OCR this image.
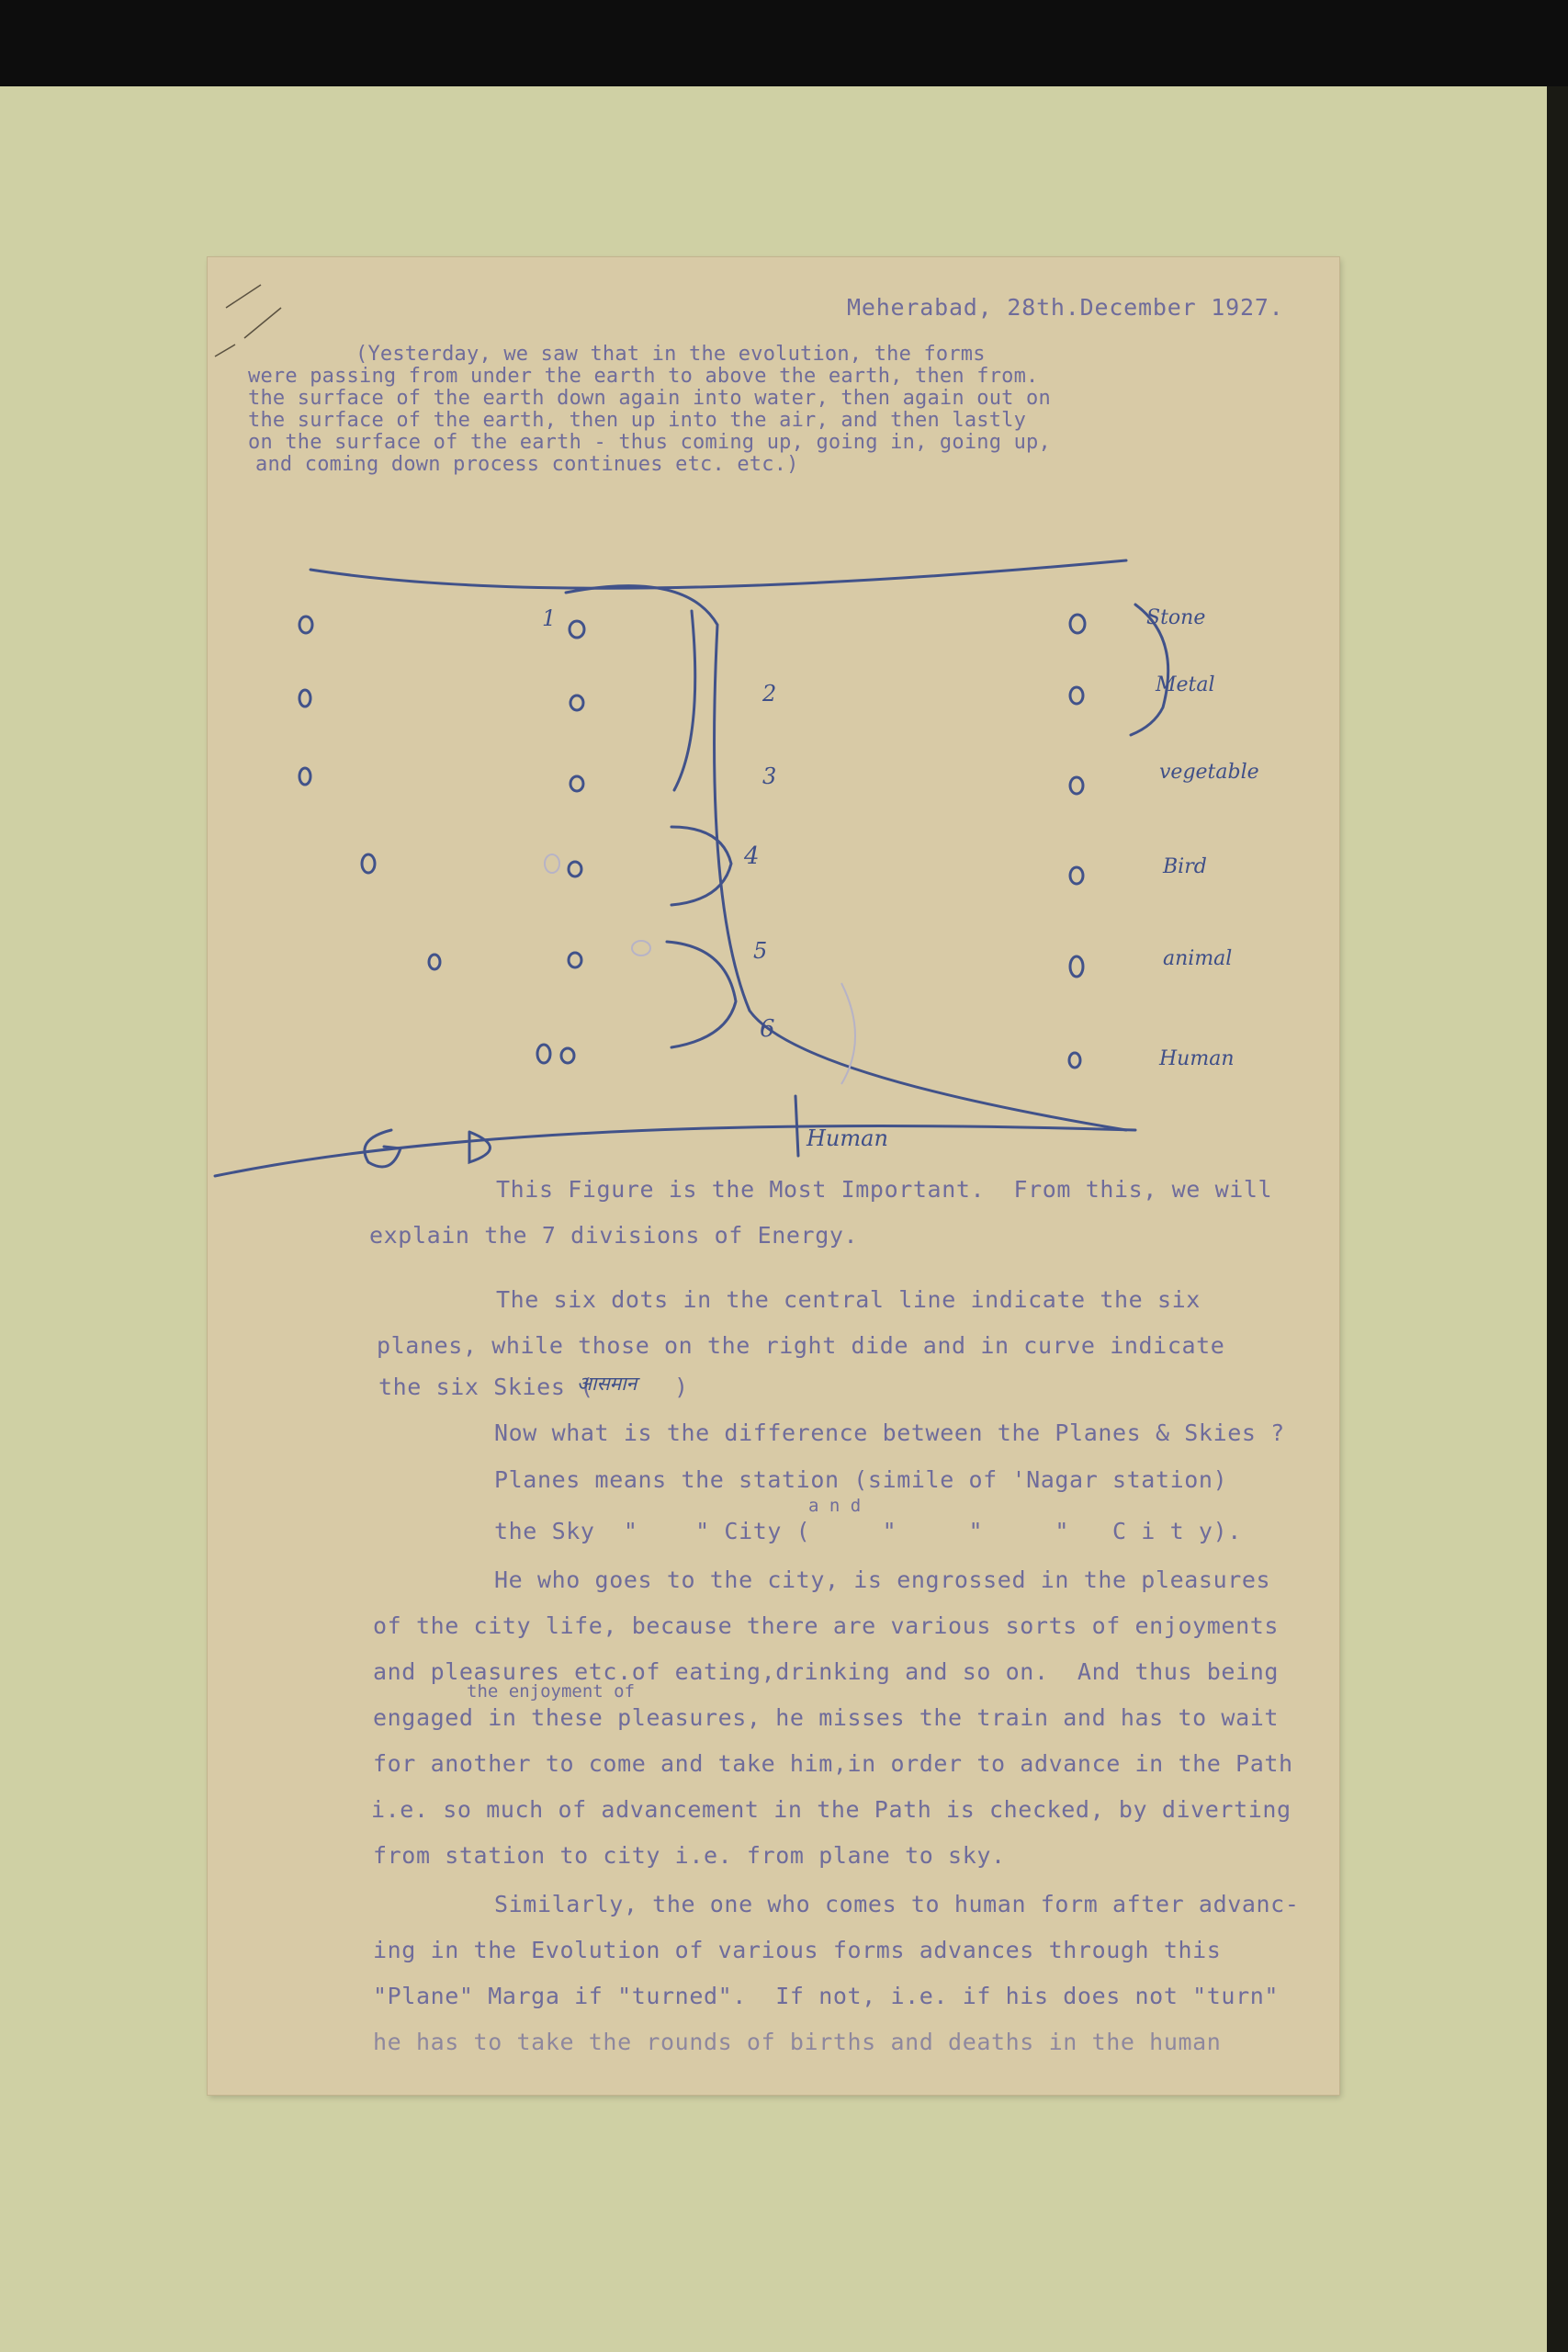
Meherabad, 28th.December 1927.
(Yesterday, we saw that in the evolution, the forms
were passing from under the earth to above the earth, then from.
the surface of the earth down again into water, then again out on
the surface of the earth, then up into the air, and then lastly
on the surface of the earth - thus coming up, going in, going up,
and coming down process continues etc. etc.)
1
2
3
4
5
6
Stone
Metal
vegetable
Bird
animal
Human
Human
This Figure is the Most Important.  From this, we will
explain the 7 divisions of Energy.
The six dots in the central line indicate the six
planes, while those on the right dide and in curve indicate
the six Skies (
आसमान )
Now what is the difference between the Planes & Skies ?
Planes means the station (simile of 'Nagar station)
a n d
the Sky  "    " City (     "     "     "   C i t y).
He who goes to the city, is engrossed in the pleasures
of the city life, because there are various sorts of enjoyments
and pleasures etc.of eating,drinking and so on.  And thus being
the enjoyment of
engaged in these pleasures, he misses the train and has to wait
for another to come and take him,in order to advance in the Path
i.e. so much of advancement in the Path is checked, by diverting
from station to city i.e. from plane to sky.
Similarly, the one who comes to human form after advanc-
ing in the Evolution of various forms advances through this
"Plane" Marga if "turned".  If not, i.e. if his does not "turn"
he has to take the rounds of births and deaths in the human
